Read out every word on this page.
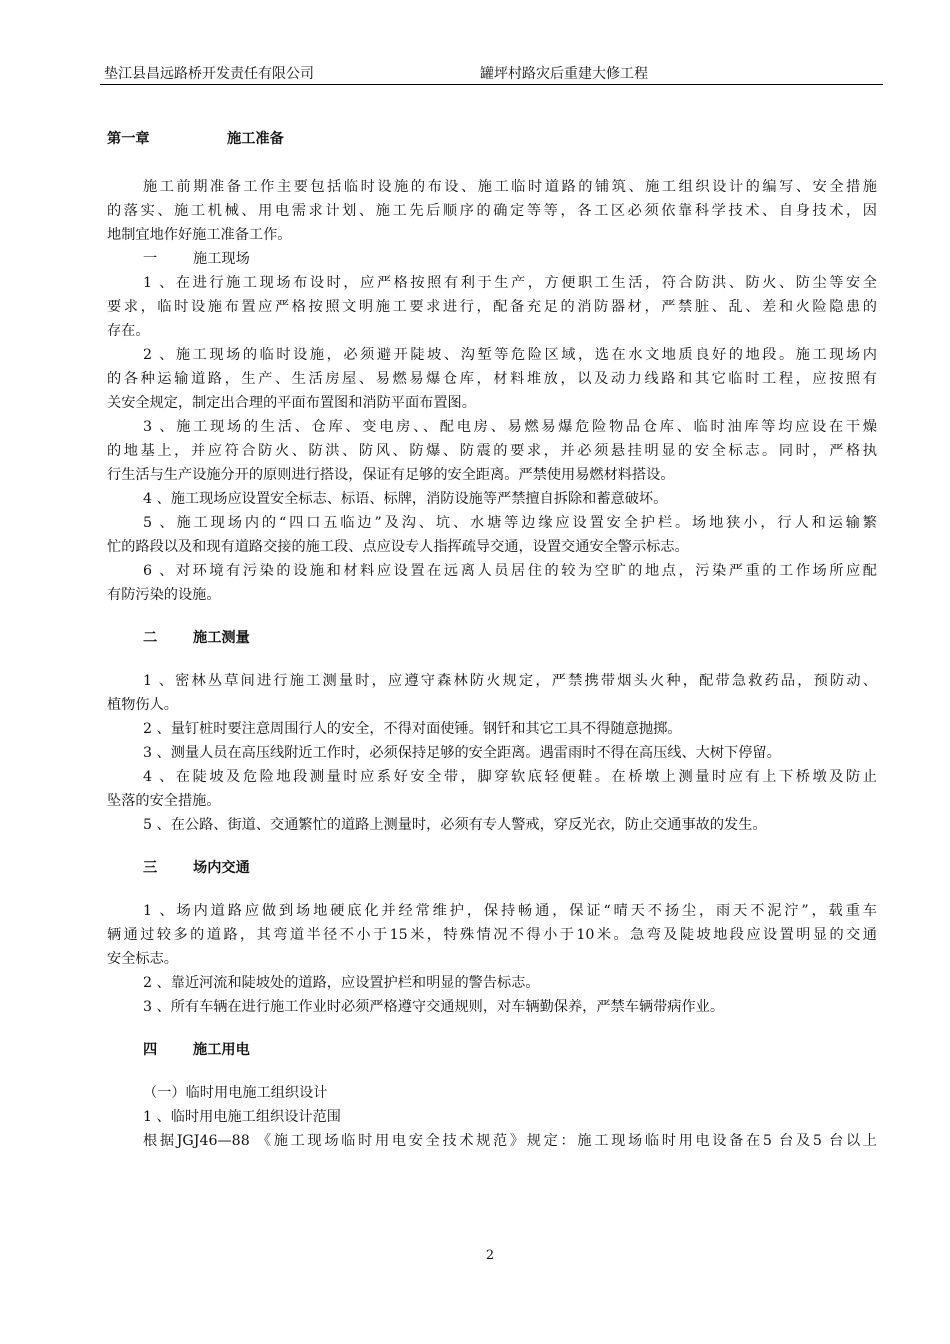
垫江县昌远路桥开发责任有限公司	罐坪村路灾后重建大修工程
第一章	施工准备
施工前期准备工作主要包括临时设施的布设、施工临时道路的铺筑、施工组织设计的编写、安全措施
的落实、施工机械、用电需求计划、施工先后顺序的确定等等，各工区必须依靠科学技术、自身技术，因
地制宜地作好施工准备工作。
一	施工现场
1 、在进行施工现场布设时，应严格按照有利于生产，方便职工生活，符合防洪、防火、防尘等安全
要求，临时设施布置应严格按照文明施工要求进行，配备充足的消防器材，严禁脏、乱、差和火险隐患的
存在。
2 、施工现场的临时设施，必须避开陡坡、沟堑等危险区域，选在水文地质良好的地段。施工现场内
的各种运输道路，生产、生活房屋、易燃易爆仓库，材料堆放，以及动力线路和其它临时工程，应按照有
关安全规定，制定出合理的平面布置图和消防平面布置图。
3 、施工现场的生活、仓库、变电房、、配电房、易燃易爆危险物品仓库、临时油库等均应设在干燥
的地基上，并应符合防火、防洪、防风、防爆、防震的要求，并必须悬挂明显的安全标志。同时，严格执
行生活与生产设施分开的原则进行搭设，保证有足够的安全距离。严禁使用易燃材料搭设。
4 、施工现场应设置安全标志、标语、标牌，消防设施等严禁擅自拆除和蓄意破坏。
5 、施工现场内的“四口五临边”及沟、坑、水塘等边缘应设置安全护栏。场地狭小，行人和运输繁
忙的路段以及和现有道路交接的施工段、点应设专人指挥疏导交通，设置交通安全警示标志。
6 、对环境有污染的设施和材料应设置在远离人员居住的较为空旷的地点，污染严重的工作场所应配
有防污染的设施。
二	施工测量
1 、密林丛草间进行施工测量时，应遵守森林防火规定，严禁携带烟头火种，配带急救药品，预防动、
植物伤人。
2 、量钉桩时要注意周围行人的安全，不得对面使锤。钢钎和其它工具不得随意抛掷。
3 、测量人员在高压线附近工作时，必须保持足够的安全距离。遇雷雨时不得在高压线、大树下停留。
4 、在陡坡及危险地段测量时应系好安全带，脚穿软底轻便鞋。在桥墩上测量时应有上下桥墩及防止
坠落的安全措施。
5 、在公路、街道、交通繁忙的道路上测量时，必须有专人警戒，穿反光衣，防止交通事故的发生。
三	场内交通
1 、场内道路应做到场地硬底化并经常维护，保持畅通，保证“晴天不扬尘，雨天不泥泞”，载重车
辆通过较多的道路，其弯道半径不小于15米，特殊情况不得小于10米。急弯及陡坡地段应设置明显的交通
安全标志。
2 、靠近河流和陡坡处的道路，应设置护栏和明显的警告标志。
3 、所有车辆在进行施工作业时必须严格遵守交通规则，对车辆勤保养，严禁车辆带病作业。
四	施工用电
（一）临时用电施工组织设计
1 、临时用电施工组织设计范围
根据JGJ46—88 《施工现场临时用电安全技术规范》规定：施工现场临时用电设备在5 台及5 台以上
2
